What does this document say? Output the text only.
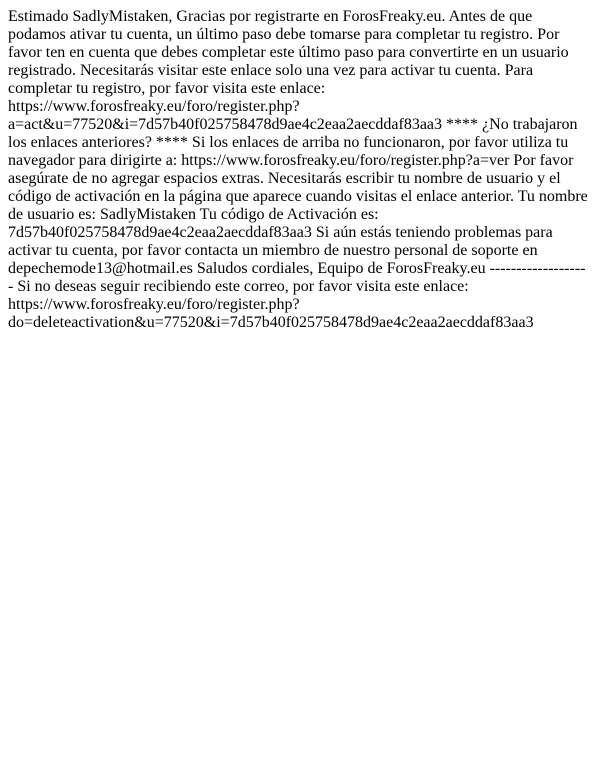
Estimado SadlyMistaken, Gracias por registrarte en ForosFreaky.eu. Antes de que podamos ativar tu cuenta, un último paso debe tomarse para completar tu registro. Por favor ten en cuenta que debes completar este último paso para convertirte en un usuario registrado. Necesitarás visitar este enlace solo una vez para activar tu cuenta. Para completar tu registro, por favor visita este enlace: https://www.forosfreaky.eu/foro/register.php? a=act&u=77520&i=7d57b40f025758478d9ae4c2eaa2aecddaf83aa3 **** ¿No trabajaron los enlaces anteriores? **** Si los enlaces de arriba no funcionaron, por favor utiliza tu navegador para dirigirte a: https://www.forosfreaky.eu/foro/register.php?a=ver Por favor asegúrate de no agregar espacios extras. Necesitarás escribir tu nombre de usuario y el código de activación en la página que aparece cuando visitas el enlace anterior. Tu nombre de usuario es: SadlyMistaken Tu código de Activación es: 7d57b40f025758478d9ae4c2eaa2aecddaf83aa3 Si aún estás teniendo problemas para activar tu cuenta, por favor contacta un miembro de nuestro personal de soporte en depechemode13@hotmail.es Saludos cordiales, Equipo de ForosFreaky.eu ------------------ - Si no deseas seguir recibiendo este correo, por favor visita este enlace: https://www.forosfreaky.eu/foro/register.php? do=deleteactivation&u=77520&i=7d57b40f025758478d9ae4c2eaa2aecddaf83aa3
